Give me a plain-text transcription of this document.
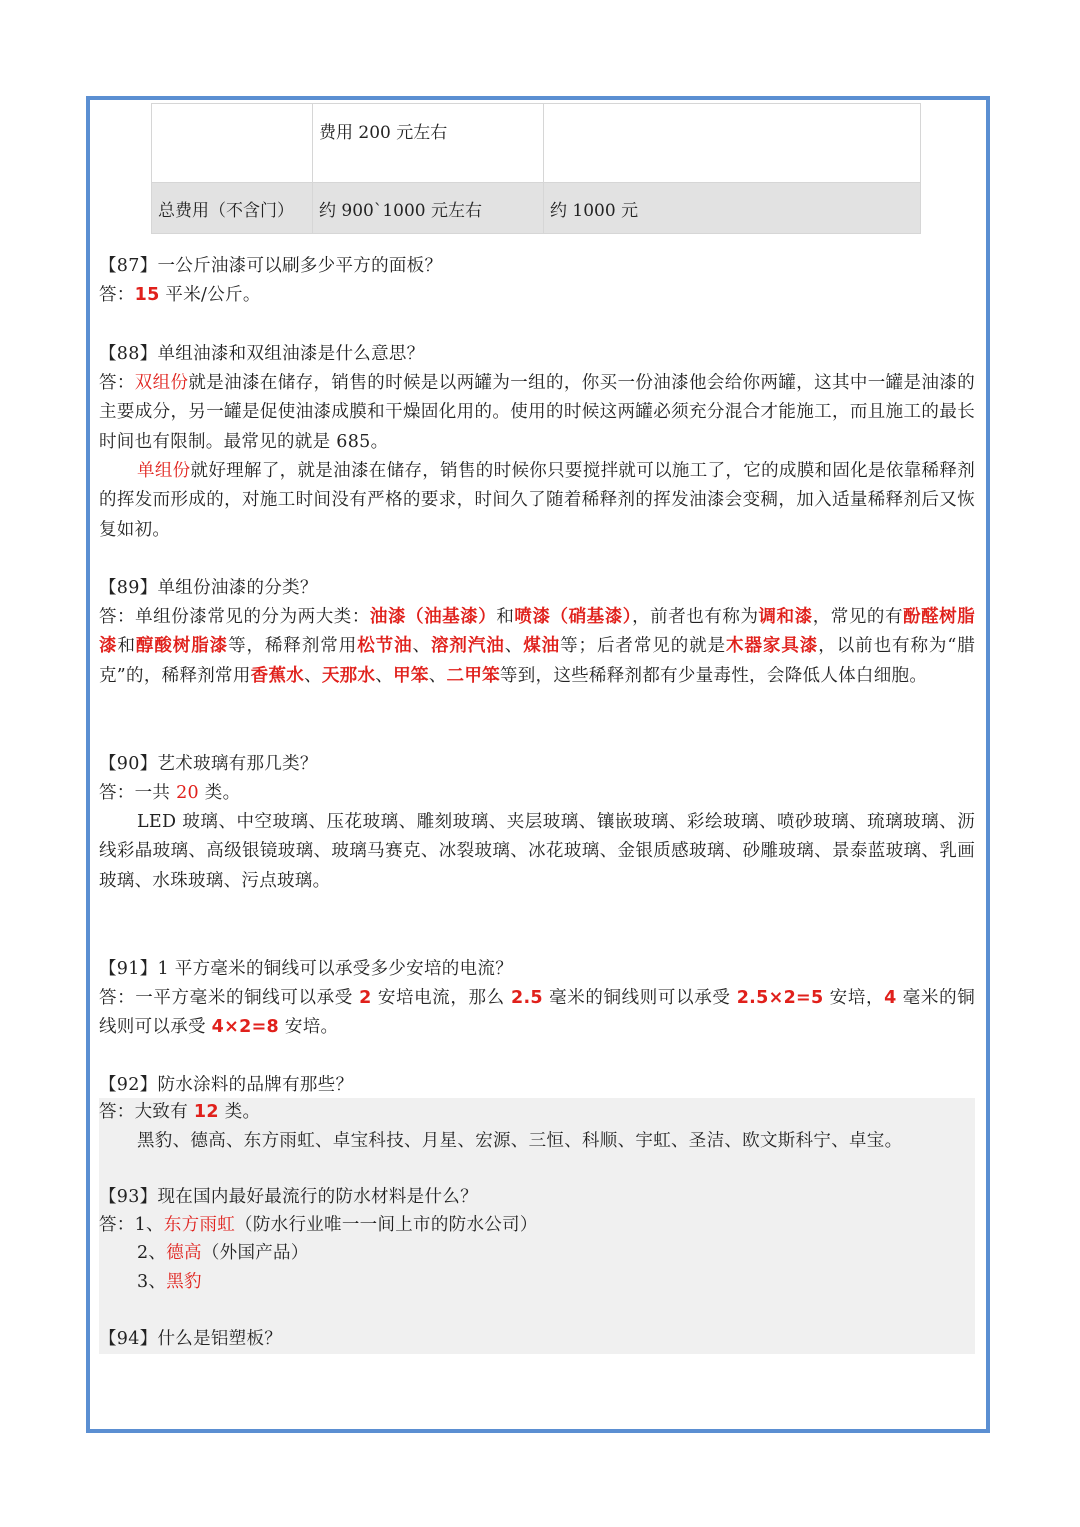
	费用 200 元左右	
总费用（不含门）	约 900`1000 元左右	约 1000 元

【87】一公斤油漆可以刷多少平方的面板？

答：15 平米/公斤。

【88】单组油漆和双组油漆是什么意思？

答：双组份就是油漆在储存，销售的时候是以两罐为一组的，你买一份油漆他会给你两罐，这其中一罐是油漆的主要成分，另一罐是促使油漆成膜和干燥固化用的。使用的时候这两罐必须充分混合才能施工，而且施工的最长时间也有限制。最常见的就是 685。

单组份就好理解了，就是油漆在储存，销售的时候你只要搅拌就可以施工了，它的成膜和固化是依靠稀释剂的挥发而形成的，对施工时间没有严格的要求，时间久了随着稀释剂的挥发油漆会变稠，加入适量稀释剂后又恢复如初。

【89】单组份油漆的分类？

答：单组份漆常见的分为两大类：油漆（油基漆）和喷漆（硝基漆），前者也有称为调和漆，常见的有酚醛树脂漆和醇酸树脂漆等，稀释剂常用松节油、溶剂汽油、煤油等；后者常见的就是木器家具漆，以前也有称为“腊克”的，稀释剂常用香蕉水、天那水、甲笨、二甲笨等到，这些稀释剂都有少量毒性，会降低人体白细胞。

【90】艺术玻璃有那几类？

答：一共 20 类。

LED 玻璃、中空玻璃、压花玻璃、雕刻玻璃、夹层玻璃、镶嵌玻璃、彩绘玻璃、喷砂玻璃、琉璃玻璃、沥线彩晶玻璃、高级银镜玻璃、玻璃马赛克、冰裂玻璃、冰花玻璃、金银质感玻璃、砂雕玻璃、景泰蓝玻璃、乳画玻璃、水珠玻璃、污点玻璃。

【91】1 平方毫米的铜线可以承受多少安培的电流？

答：一平方毫米的铜线可以承受 2 安培电流，那么 2.5 毫米的铜线则可以承受 2.5×2=5 安培，4 毫米的铜线则可以承受 4×2=8 安培。

【92】防水涂料的品牌有那些？

答：大致有 12 类。

黑豹、德高、东方雨虹、卓宝科技、月星、宏源、三恒、科顺、宇虹、圣洁、欧文斯科宁、卓宝。

【93】现在国内最好最流行的防水材料是什么？

答：1、东方雨虹（防水行业唯一一间上市的防水公司）

2、德高（外国产品）

3、黑豹

【94】什么是铝塑板？
